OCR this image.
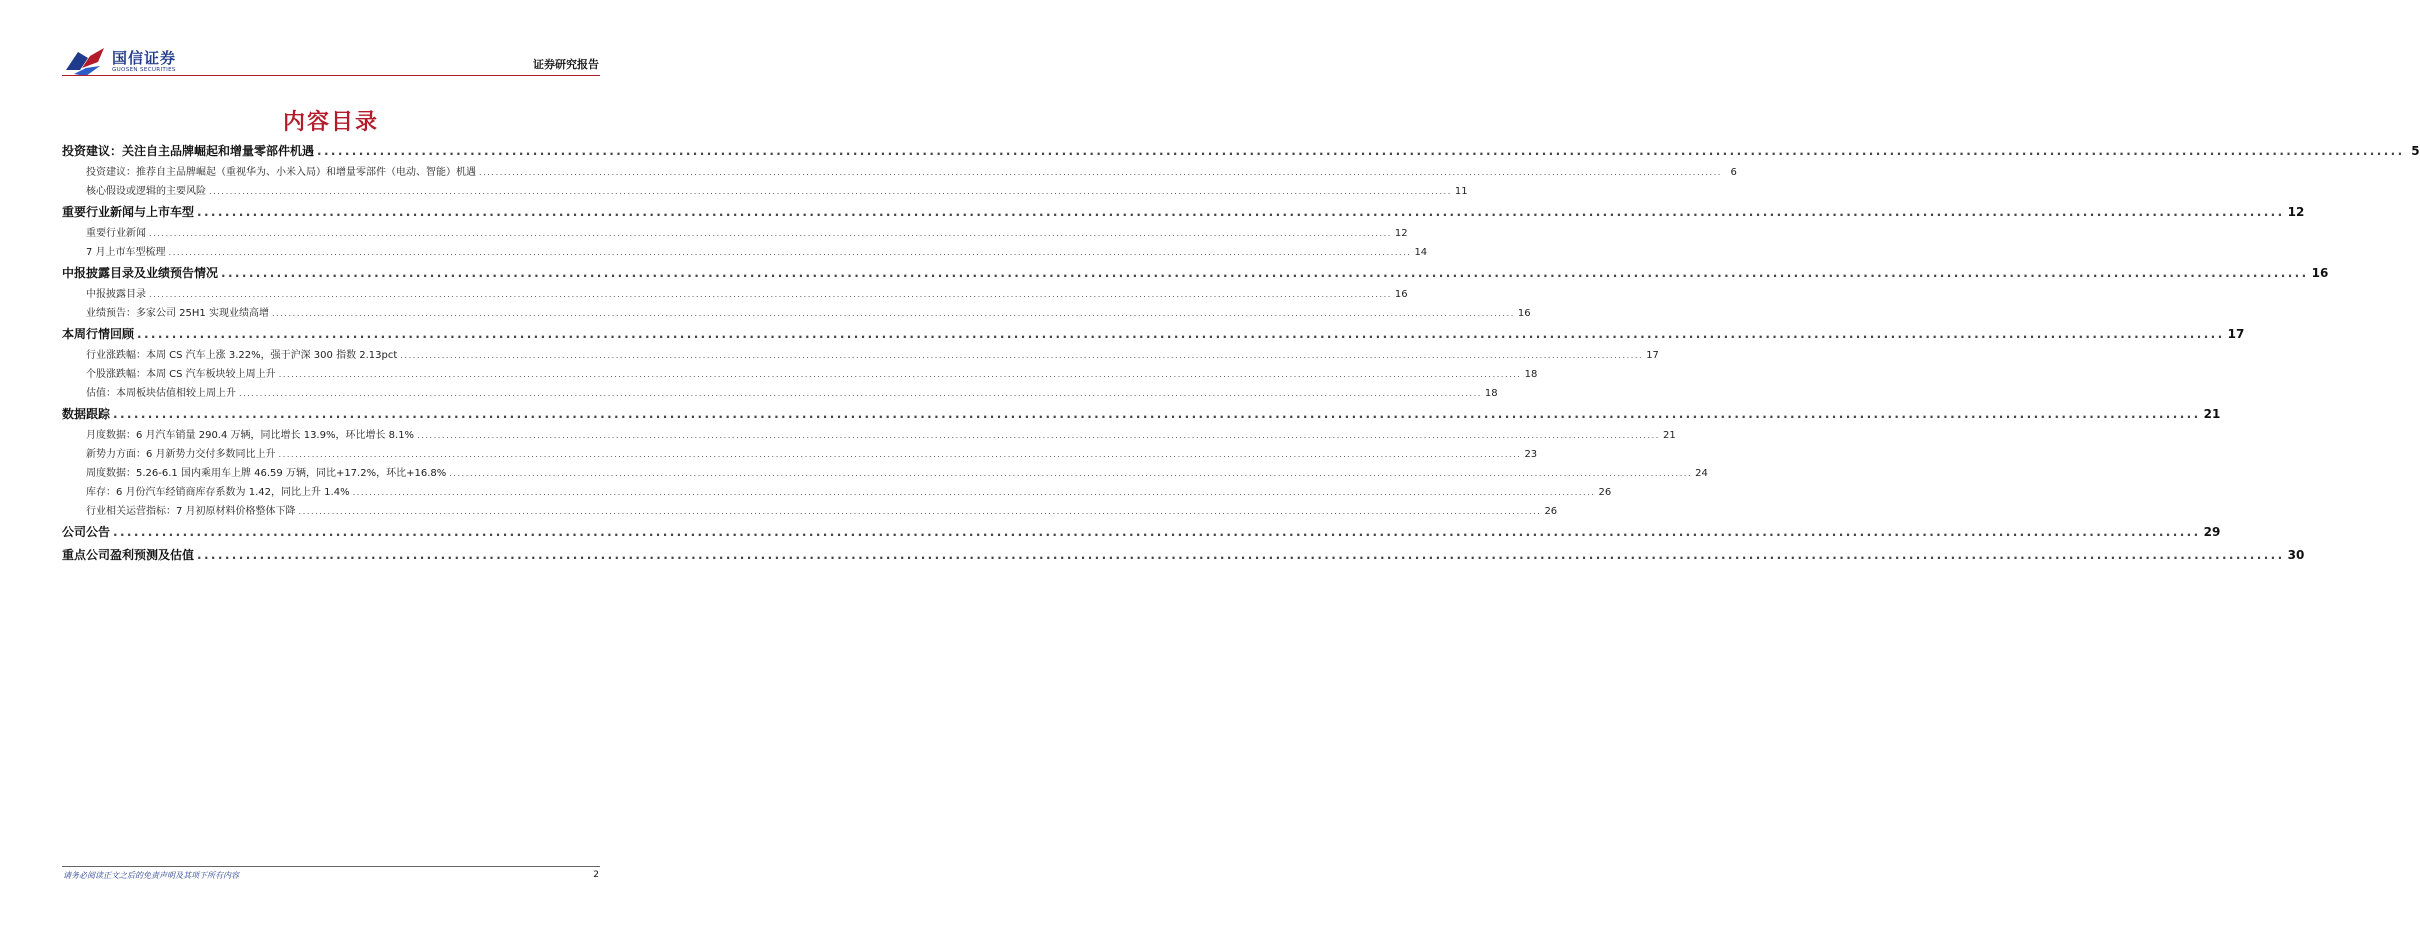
国信证券
GUOSEN SECURITIES	证券研究报告
内容目录
投资建议：关注自主品牌崛起和增量零部件机遇 ............................................................................................................................................................................................................................................................................................................ 5
投资建议：推荐自主品牌崛起（重视华为、小米入局）和增量零部件（电动、智能）机遇 ............................................................................................................................................................................................................................................................................................................ 6
核心假设或逻辑的主要风险 ............................................................................................................................................................................................................................................................................................................ 11
重要行业新闻与上市车型 ............................................................................................................................................................................................................................................................................................................ 12
重要行业新闻 ............................................................................................................................................................................................................................................................................................................ 12
7 月上市车型梳理 ............................................................................................................................................................................................................................................................................................................ 14
中报披露目录及业绩预告情况 ............................................................................................................................................................................................................................................................................................................ 16
中报披露目录 ............................................................................................................................................................................................................................................................................................................ 16
业绩预告：多家公司 25H1 实现业绩高增 ............................................................................................................................................................................................................................................................................................................ 16
本周行情回顾 ............................................................................................................................................................................................................................................................................................................ 17
行业涨跌幅：本周 CS 汽车上涨 3.22%，强于沪深 300 指数 2.13pct ............................................................................................................................................................................................................................................................................................................ 17
个股涨跌幅：本周 CS 汽车板块较上周上升 ............................................................................................................................................................................................................................................................................................................ 18
估值：本周板块估值相较上周上升 ............................................................................................................................................................................................................................................................................................................ 18
数据跟踪 ............................................................................................................................................................................................................................................................................................................ 21
月度数据：6 月汽车销量 290.4 万辆，同比增长 13.9%，环比增长 8.1% ............................................................................................................................................................................................................................................................................................................ 21
新势力方面：6 月新势力交付多数同比上升 ............................................................................................................................................................................................................................................................................................................ 23
周度数据：5.26-6.1 国内乘用车上牌 46.59 万辆，同比+17.2%，环比+16.8% ............................................................................................................................................................................................................................................................................................................ 24
库存：6 月份汽车经销商库存系数为 1.42，同比上升 1.4% ............................................................................................................................................................................................................................................................................................................ 26
行业相关运营指标：7 月初原材料价格整体下降 ............................................................................................................................................................................................................................................................................................................ 26
公司公告 ............................................................................................................................................................................................................................................................................................................ 29
重点公司盈利预测及估值 ............................................................................................................................................................................................................................................................................................................ 30
请务必阅读正文之后的免责声明及其项下所有内容	2
